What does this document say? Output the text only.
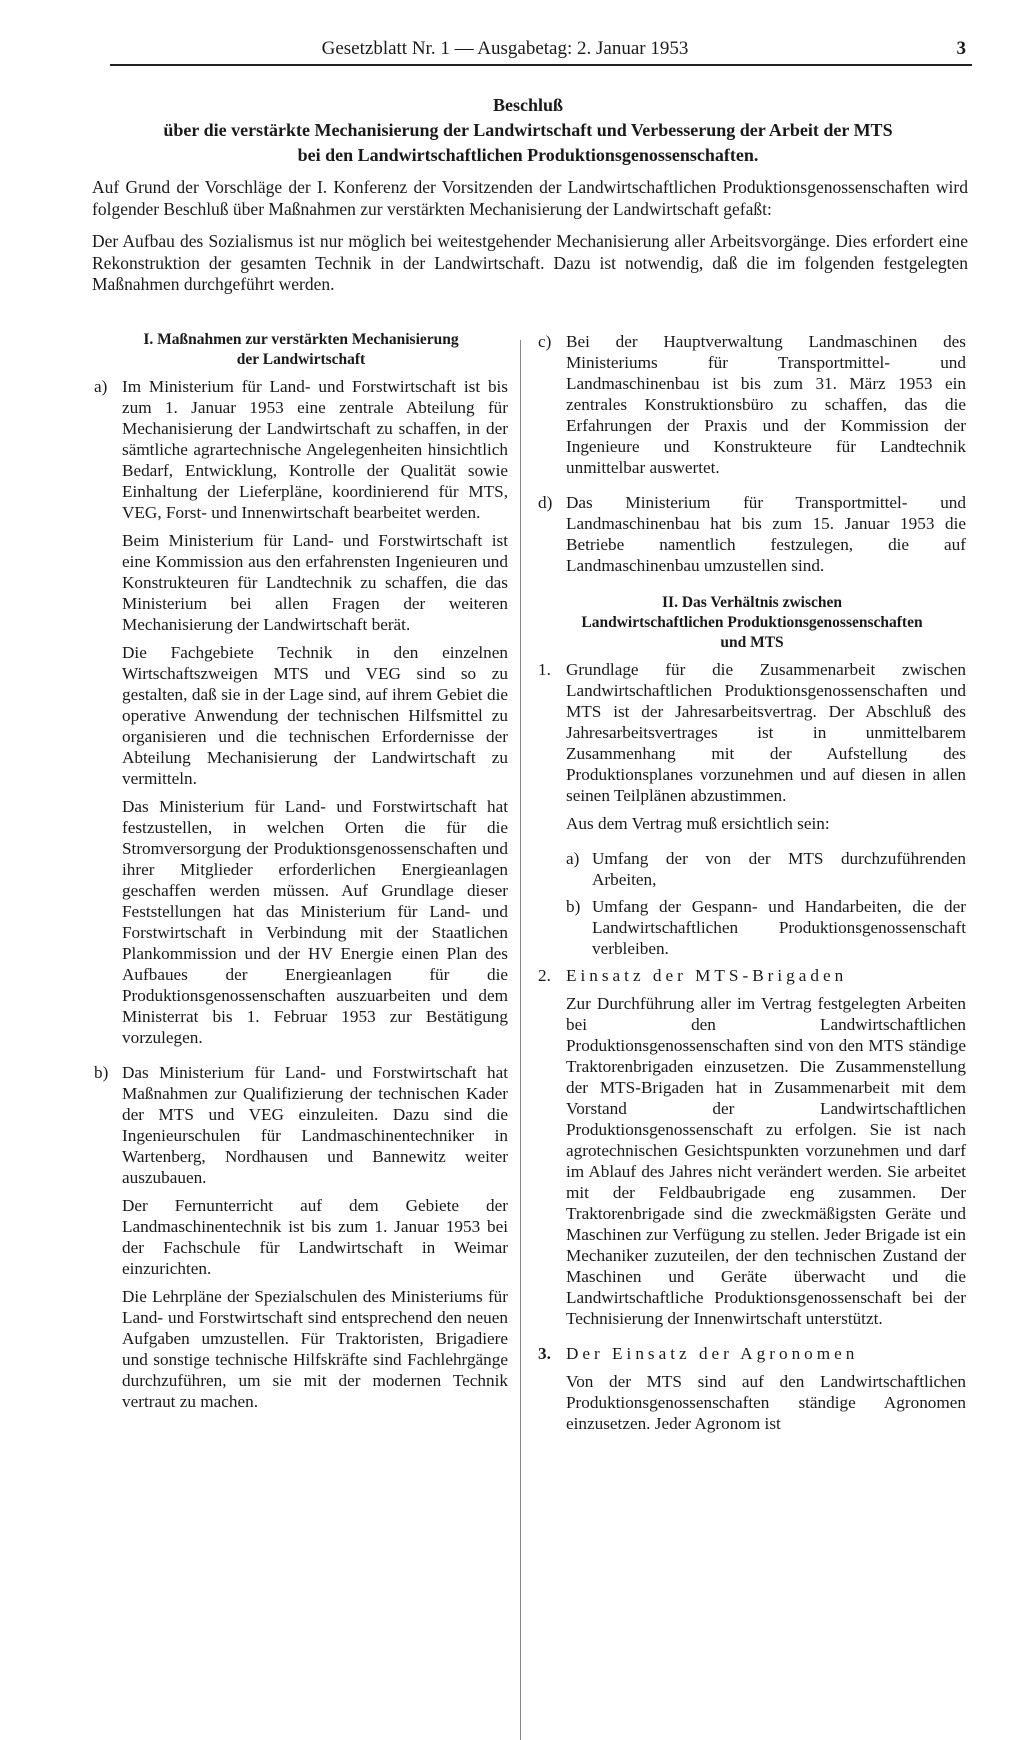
Gesetzblatt Nr. 1 — Ausgabetag: 2. Januar 1953	3
Beschluß
über die verstärkte Mechanisierung der Landwirtschaft und Verbesserung der Arbeit der MTS
bei den Landwirtschaftlichen Produktionsgenossenschaften.

Auf Grund der Vorschläge der I. Konferenz der Vorsitzenden der Landwirtschaftlichen Produktionsgenossenschaften wird folgender Beschluß über Maßnahmen zur verstärkten Mechanisierung der Landwirtschaft gefaßt:

Der Aufbau des Sozialismus ist nur möglich bei weitestgehender Mechanisierung aller Arbeitsvorgänge. Dies erfordert eine Rekonstruktion der gesamten Technik in der Landwirtschaft. Dazu ist notwendig, daß die im folgenden festgelegten Maßnahmen durchgeführt werden.

I. Maßnahmen zur verstärkten Mechanisierung
der Landwirtschaft
a) Im Ministerium für Land- und Forstwirtschaft ist bis zum 1. Januar 1953 eine zentrale Abteilung für Mechanisierung der Landwirtschaft zu schaffen, in der sämtliche agrartechnische Angelegenheiten hinsichtlich Bedarf, Entwicklung, Kontrolle der Qualität sowie Einhaltung der Lieferpläne, koordinierend für MTS, VEG, Forst- und Innenwirtschaft bearbeitet werden.

Beim Ministerium für Land- und Forstwirtschaft ist eine Kommission aus den erfahrensten Ingenieuren und Konstrukteuren für Landtechnik zu schaffen, die das Ministerium bei allen Fragen der weiteren Mechanisierung der Landwirtschaft berät.

Die Fachgebiete Technik in den einzelnen Wirtschaftszweigen MTS und VEG sind so zu gestalten, daß sie in der Lage sind, auf ihrem Gebiet die operative Anwendung der technischen Hilfsmittel zu organisieren und die technischen Erfordernisse der Abteilung Mechanisierung der Landwirtschaft zu vermitteln.

Das Ministerium für Land- und Forstwirtschaft hat festzustellen, in welchen Orten die für die Stromversorgung der Produktionsgenossenschaften und ihrer Mitglieder erforderlichen Energieanlagen geschaffen werden müssen. Auf Grundlage dieser Feststellungen hat das Ministerium für Land- und Forstwirtschaft in Verbindung mit der Staatlichen Plankommission und der HV Energie einen Plan des Aufbaues der Energieanlagen für die Produktionsgenossenschaften auszuarbeiten und dem Ministerrat bis 1. Februar 1953 zur Bestätigung vorzulegen.

b) Das Ministerium für Land- und Forstwirtschaft hat Maßnahmen zur Qualifizierung der technischen Kader der MTS und VEG einzuleiten. Dazu sind die Ingenieurschulen für Landmaschinentechniker in Wartenberg, Nordhausen und Bannewitz weiter auszubauen.

Der Fernunterricht auf dem Gebiete der Landmaschinentechnik ist bis zum 1. Januar 1953 bei der Fachschule für Landwirtschaft in Weimar einzurichten.

Die Lehrpläne der Spezialschulen des Ministeriums für Land- und Forstwirtschaft sind entsprechend den neuen Aufgaben umzustellen. Für Traktoristen, Brigadiere und sonstige technische Hilfskräfte sind Fachlehrgänge durchzuführen, um sie mit der modernen Technik vertraut zu machen.

c) Bei der Hauptverwaltung Landmaschinen des Ministeriums für Transportmittel- und Landmaschinenbau ist bis zum 31. März 1953 ein zentrales Konstruktionsbüro zu schaffen, das die Erfahrungen der Praxis und der Kommission der Ingenieure und Konstrukteure für Landtechnik unmittelbar auswertet.

d) Das Ministerium für Transportmittel- und Landmaschinenbau hat bis zum 15. Januar 1953 die Betriebe namentlich festzulegen, die auf Landmaschinenbau umzustellen sind.

II. Das Verhältnis zwischen
Landwirtschaftlichen Produktionsgenossenschaften
und MTS
1. Grundlage für die Zusammenarbeit zwischen Landwirtschaftlichen Produktionsgenossenschaften und MTS ist der Jahresarbeitsvertrag. Der Abschluß des Jahresarbeitsvertrages ist in unmittelbarem Zusammenhang mit der Aufstellung des Produktionsplanes vorzunehmen und auf diesen in allen seinen Teilplänen abzustimmen.

Aus dem Vertrag muß ersichtlich sein:

a) Umfang der von der MTS durchzuführenden Arbeiten,
b) Umfang der Gespann- und Handarbeiten, die der Landwirtschaftlichen Produktionsgenossenschaft verbleiben.
2. Einsatz der MTS-Brigaden

Zur Durchführung aller im Vertrag festgelegten Arbeiten bei den Landwirtschaftlichen Produktionsgenossenschaften sind von den MTS ständige Traktorenbrigaden einzusetzen. Die Zusammenstellung der MTS-Brigaden hat in Zusammenarbeit mit dem Vorstand der Landwirtschaftlichen Produktionsgenossenschaft zu erfolgen. Sie ist nach agrotechnischen Gesichtspunkten vorzunehmen und darf im Ablauf des Jahres nicht verändert werden. Sie arbeitet mit der Feldbaubrigade eng zusammen. Der Traktorenbrigade sind die zweckmäßigsten Geräte und Maschinen zur Verfügung zu stellen. Jeder Brigade ist ein Mechaniker zuzuteilen, der den technischen Zustand der Maschinen und Geräte überwacht und die Landwirtschaftliche Produktionsgenossenschaft bei der Technisierung der Innenwirtschaft unterstützt.

3. Der Einsatz der Agronomen

Von der MTS sind auf den Landwirtschaftlichen Produktionsgenossenschaften ständige Agronomen einzusetzen. Jeder Agronom ist
